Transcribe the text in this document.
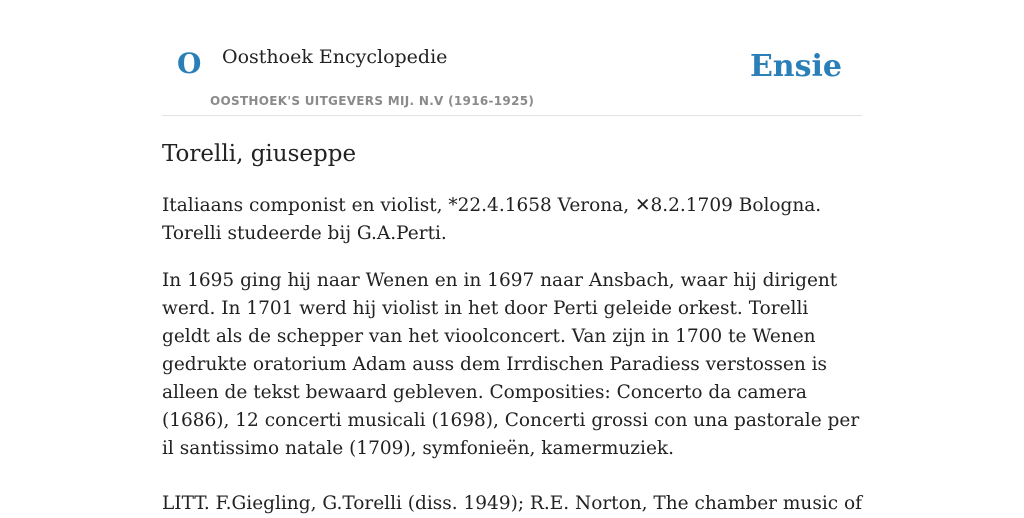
O Oosthoek Encyclopedie
OOSTHOEK'S UITGEVERS MIJ. N.V (1916-1925)
Ensie
Torelli, giuseppe

Italiaans componist en violist, *22.4.1658 Verona, ✕8.2.1709 Bologna. Torelli studeerde bij G.A.Perti.

In 1695 ging hij naar Wenen en in 1697 naar Ansbach, waar hij dirigent werd. In 1701 werd hij violist in het door Perti geleide orkest. Torelli geldt als de schepper van het vioolconcert. Van zijn in 1700 te Wenen gedrukte oratorium Adam auss dem Irrdischen Paradiess verstossen is alleen de tekst bewaard gebleven. Composities: Concerto da camera (1686), 12 concerti musicali (1698), Concerti grossi con una pastorale per il santissimo natale (1709), symfonieën, kamermuziek.

LITT. F.Giegling, G.Torelli (diss. 1949); R.E. Norton, The chamber music of
